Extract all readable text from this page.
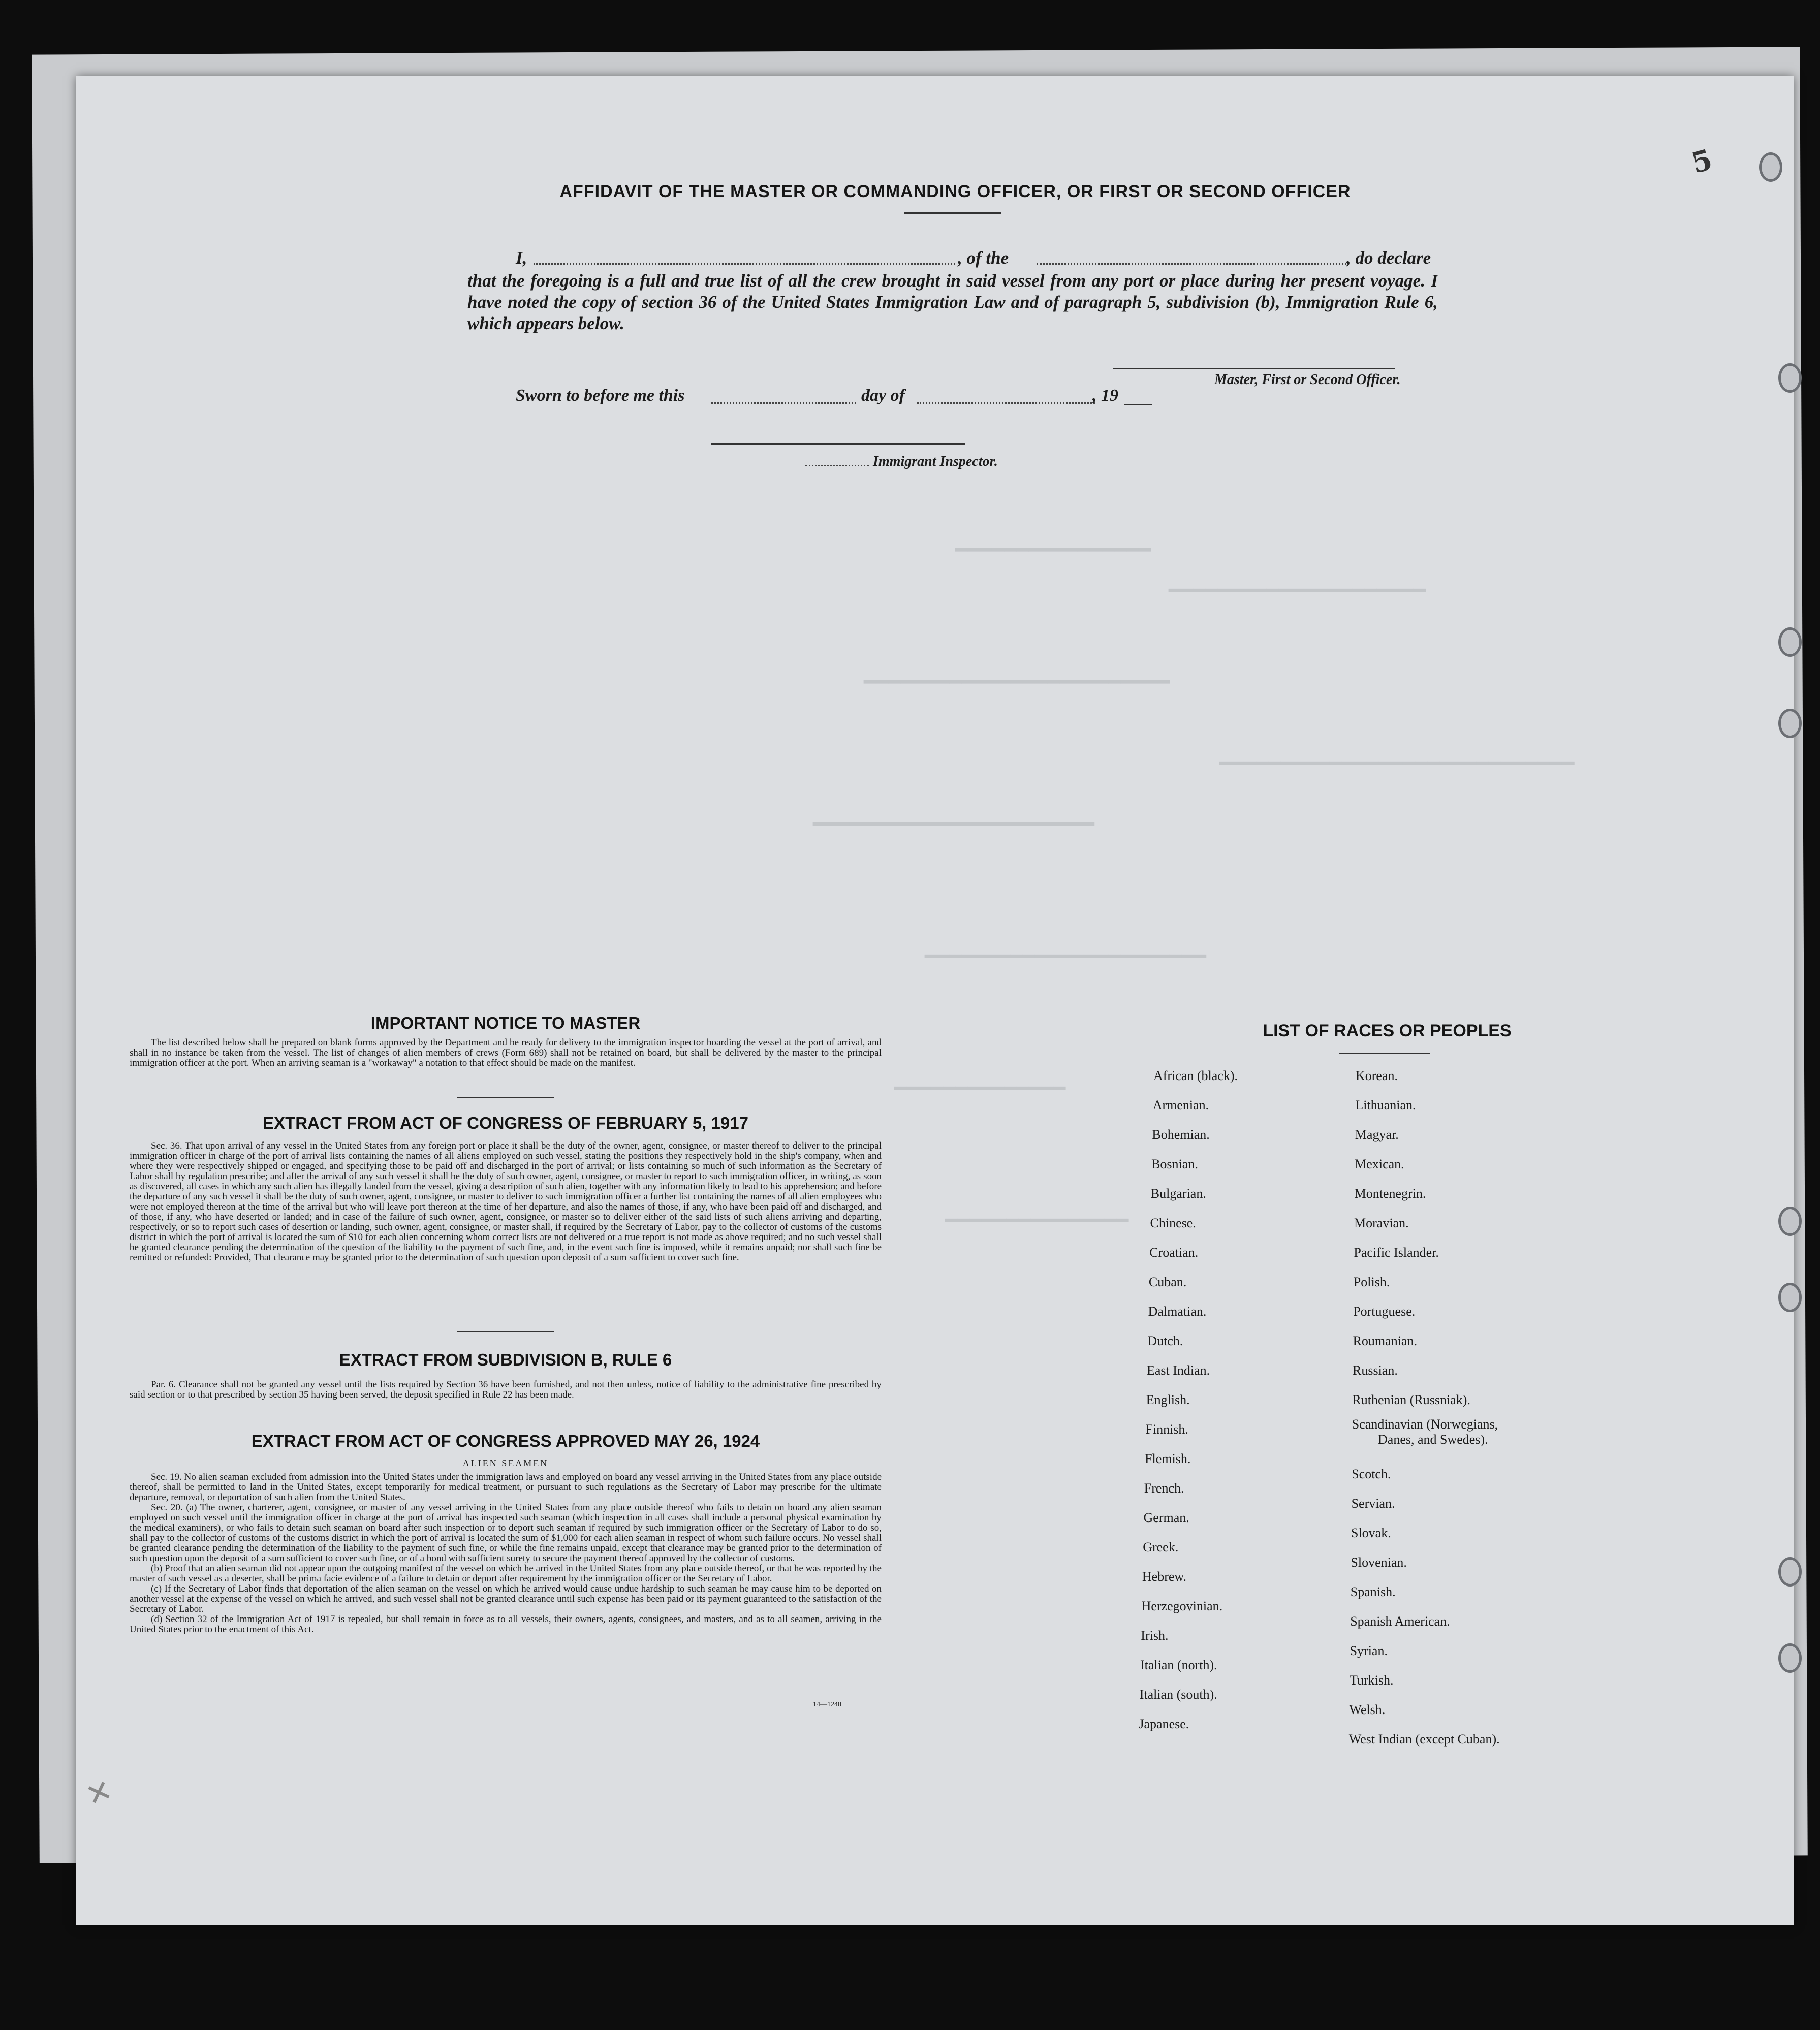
━━━━━━━━━━━━━━━━
━━━━━━━━━━━━━━━━━━━━━
━━━━━━━━━━━━━━━━━━━━━━━━━
━━━━━━━━━━━━━━━━━━━━━━━
━━━━━━━━━━━━━━━━━━━━━━━
━━━━━━━━━━━━━━
━━━━━━━━━━━━━━━
━━━━━━━━━━━━━━━━━━━━━━━━━━━━━
5
AFFIDAVIT OF THE MASTER OR COMMANDING OFFICER, OR FIRST OR SECOND OFFICER
I,	, of the	, do declare
that the foregoing is a full and true list of all the crew brought in said vessel from any port or place during her present voyage. I have noted the copy of section 36 of the United States Immigration Law and of paragraph 5, subdivision (b), Immigration Rule 6, which appears below.
Master, First or Second Officer.
Sworn to before me this	day of	, 19
Immigrant Inspector.
IMPORTANT NOTICE TO MASTER

The list described below shall be prepared on blank forms approved by the Department and be ready for delivery to the immigration inspector boarding the vessel at the port of arrival, and shall in no instance be taken from the vessel. The list of changes of alien members of crews (Form 689) shall not be retained on board, but shall be delivered by the master to the principal immigration officer at the port. When an arriving seaman is a "workaway" a notation to that effect should be made on the manifest.

EXTRACT FROM ACT OF CONGRESS OF FEBRUARY 5, 1917

Sec. 36. That upon arrival of any vessel in the United States from any foreign port or place it shall be the duty of the owner, agent, consignee, or master thereof to deliver to the principal immigration officer in charge of the port of arrival lists containing the names of all aliens employed on such vessel, stating the positions they respectively hold in the ship's company, when and where they were respectively shipped or engaged, and specifying those to be paid off and discharged in the port of arrival; or lists containing so much of such information as the Secretary of Labor shall by regulation prescribe; and after the arrival of any such vessel it shall be the duty of such owner, agent, consignee, or master to report to such immigration officer, in writing, as soon as discovered, all cases in which any such alien has illegally landed from the vessel, giving a description of such alien, together with any information likely to lead to his apprehension; and before the departure of any such vessel it shall be the duty of such owner, agent, consignee, or master to deliver to such immigration officer a further list containing the names of all alien employees who were not employed thereon at the time of the arrival but who will leave port thereon at the time of her departure, and also the names of those, if any, who have been paid off and discharged, and of those, if any, who have deserted or landed; and in case of the failure of such owner, agent, consignee, or master so to deliver either of the said lists of such aliens arriving and departing, respectively, or so to report such cases of desertion or landing, such owner, agent, consignee, or master shall, if required by the Secretary of Labor, pay to the collector of customs of the customs district in which the port of arrival is located the sum of $10 for each alien concerning whom correct lists are not delivered or a true report is not made as above required; and no such vessel shall be granted clearance pending the determination of the question of the liability to the payment of such fine, and, in the event such fine is imposed, while it remains unpaid; nor shall such fine be remitted or refunded: Provided, That clearance may be granted prior to the determination of such question upon deposit of a sum sufficient to cover such fine.

EXTRACT FROM SUBDIVISION B, RULE 6

Par. 6. Clearance shall not be granted any vessel until the lists required by Section 36 have been furnished, and not then unless, notice of liability to the administrative fine prescribed by said section or to that prescribed by section 35 having been served, the deposit specified in Rule 22 has been made.

EXTRACT FROM ACT OF CONGRESS APPROVED MAY 26, 1924
ALIEN SEAMEN

Sec. 19. No alien seaman excluded from admission into the United States under the immigration laws and employed on board any vessel arriving in the United States from any place outside thereof, shall be permitted to land in the United States, except temporarily for medical treatment, or pursuant to such regulations as the Secretary of Labor may prescribe for the ultimate departure, removal, or deportation of such alien from the United States.

Sec. 20. (a) The owner, charterer, agent, consignee, or master of any vessel arriving in the United States from any place outside thereof who fails to detain on board any alien seaman employed on such vessel until the immigration officer in charge at the port of arrival has inspected such seaman (which inspection in all cases shall include a personal physical examination by the medical examiners), or who fails to detain such seaman on board after such inspection or to deport such seaman if required by such immigration officer or the Secretary of Labor to do so, shall pay to the collector of customs of the customs district in which the port of arrival is located the sum of $1,000 for each alien seaman in respect of whom such failure occurs. No vessel shall be granted clearance pending the determination of the liability to the payment of such fine, or while the fine remains unpaid, except that clearance may be granted prior to the determination of such question upon the deposit of a sum sufficient to cover such fine, or of a bond with sufficient surety to secure the payment thereof approved by the collector of customs.

(b) Proof that an alien seaman did not appear upon the outgoing manifest of the vessel on which he arrived in the United States from any place outside thereof, or that he was reported by the master of such vessel as a deserter, shall be prima facie evidence of a failure to detain or deport after requirement by the immigration officer or the Secretary of Labor.

(c) If the Secretary of Labor finds that deportation of the alien seaman on the vessel on which he arrived would cause undue hardship to such seaman he may cause him to be deported on another vessel at the expense of the vessel on which he arrived, and such vessel shall not be granted clearance until such expense has been paid or its payment guaranteed to the satisfaction of the Secretary of Labor.

(d) Section 32 of the Immigration Act of 1917 is repealed, but shall remain in force as to all vessels, their owners, agents, consignees, and masters, and as to all seamen, arriving in the United States prior to the enactment of this Act.

14—1240
LIST OF RACES OR PEOPLES
African (black).
Armenian.
Bohemian.
Bosnian.
Bulgarian.
Chinese.
Croatian.
Cuban.
Dalmatian.
Dutch.
East Indian.
English.
Finnish.
Flemish.
French.
German.
Greek.
Hebrew.
Herzegovinian.
Irish.
Italian (north).
Italian (south).
Japanese.
Korean.
Lithuanian.
Magyar.
Mexican.
Montenegrin.
Moravian.
Pacific Islander.
Polish.
Portuguese.
Roumanian.
Russian.
Ruthenian (Russniak).
Scandinavian (Norwegians,
Scotch.
Servian.
Slovak.
Slovenian.
Spanish.
Spanish American.
Syrian.
Turkish.
Welsh.
West Indian (except Cuban).
Danes, and Swedes).
✕
